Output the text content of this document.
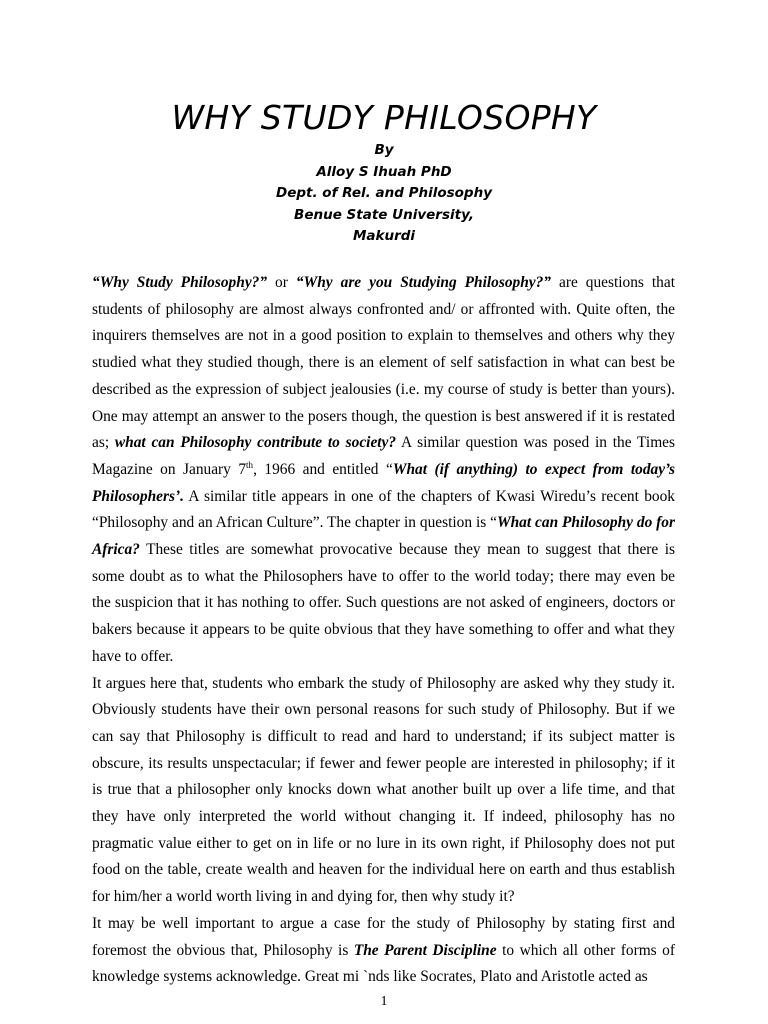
WHY STUDY PHILOSOPHY
By
Alloy S Ihuah PhD
Dept. of Rel. and Philosophy
Benue State University,
Makurdi

“Why Study Philosophy?” or “Why are you Studying Philosophy?” are questions that students of philosophy are almost always confronted and/ or affronted with. Quite often, the inquirers themselves are not in a good position to explain to themselves and others why they studied what they studied though, there is an element of self satisfaction in what can best be described as the expression of subject jealousies (i.e. my course of study is better than yours). One may attempt an answer to the posers though, the question is best answered if it is restated as; what can Philosophy contribute to society? A similar question was posed in the Times Magazine on January 7th, 1966 and entitled “What (if anything) to expect from today’s Philosophers’. A similar title appears in one of the chapters of Kwasi Wiredu’s recent book “Philosophy and an African Culture”. The chapter in question is “What can Philosophy do for Africa? These titles are somewhat provocative because they mean to suggest that there is some doubt as to what the Philosophers have to offer to the world today; there may even be the suspicion that it has nothing to offer. Such questions are not asked of engineers, doctors or bakers because it appears to be quite obvious that they have something to offer and what they have to offer.

It argues here that, students who embark the study of Philosophy are asked why they study it. Obviously students have their own personal reasons for such study of Philosophy. But if we can say that Philosophy is difficult to read and hard to understand; if its subject matter is obscure, its results unspectacular; if fewer and fewer people are interested in philosophy; if it is true that a philosopher only knocks down what another built up over a life time, and that they have only interpreted the world without changing it. If indeed, philosophy has no pragmatic value either to get on in life or no lure in its own right, if Philosophy does not put food on the table, create wealth and heaven for the individual here on earth and thus establish for him/her a world worth living in and dying for, then why study it?

It may be well important to argue a case for the study of Philosophy by stating first and foremost the obvious that, Philosophy is The Parent Discipline to which all other forms of knowledge systems acknowledge. Great mi `nds like Socrates, Plato and Aristotle acted as

1
